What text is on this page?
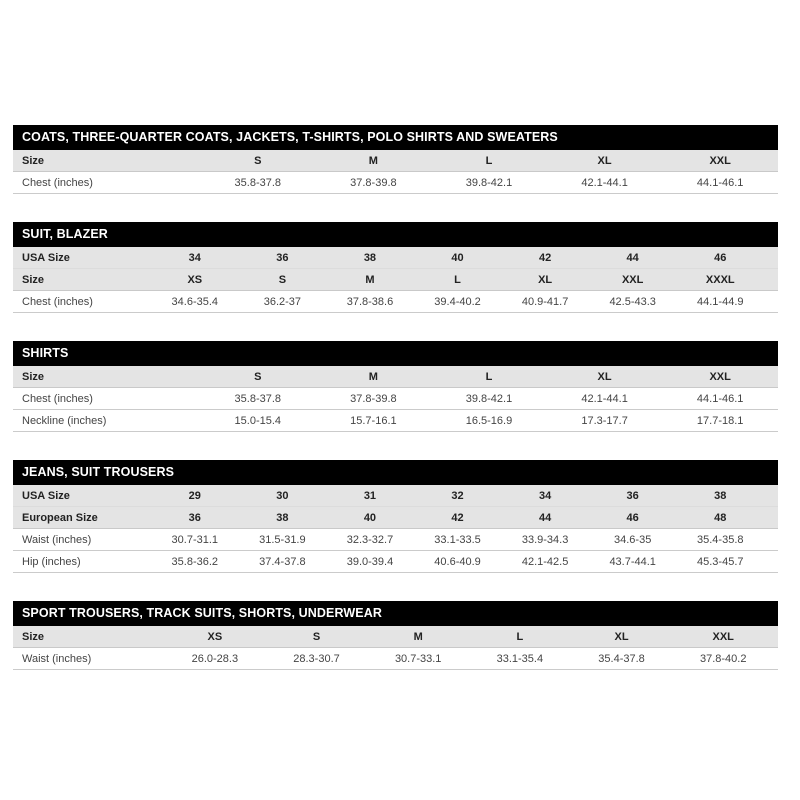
COATS, THREE-QUARTER COATS, JACKETS, T-SHIRTS, POLO SHIRTS AND SWEATERS
Size	S	M	L	XL	XXL
Chest (inches)	35.8-37.8	37.8-39.8	39.8-42.1	42.1-44.1	44.1-46.1
SUIT, BLAZER
USA Size	34	36	38	40	42	44	46
Size	XS	S	M	L	XL	XXL	XXXL
Chest (inches)	34.6-35.4	36.2-37	37.8-38.6	39.4-40.2	40.9-41.7	42.5-43.3	44.1-44.9
SHIRTS
Size	S	M	L	XL	XXL
Chest (inches)	35.8-37.8	37.8-39.8	39.8-42.1	42.1-44.1	44.1-46.1
Neckline (inches)	15.0-15.4	15.7-16.1	16.5-16.9	17.3-17.7	17.7-18.1
JEANS, SUIT TROUSERS
USA Size	29	30	31	32	34	36	38
European Size	36	38	40	42	44	46	48
Waist (inches)	30.7-31.1	31.5-31.9	32.3-32.7	33.1-33.5	33.9-34.3	34.6-35	35.4-35.8
Hip (inches)	35.8-36.2	37.4-37.8	39.0-39.4	40.6-40.9	42.1-42.5	43.7-44.1	45.3-45.7
SPORT TROUSERS, TRACK SUITS, SHORTS, UNDERWEAR
Size	XS	S	M	L	XL	XXL
Waist (inches)	26.0-28.3	28.3-30.7	30.7-33.1	33.1-35.4	35.4-37.8	37.8-40.2
